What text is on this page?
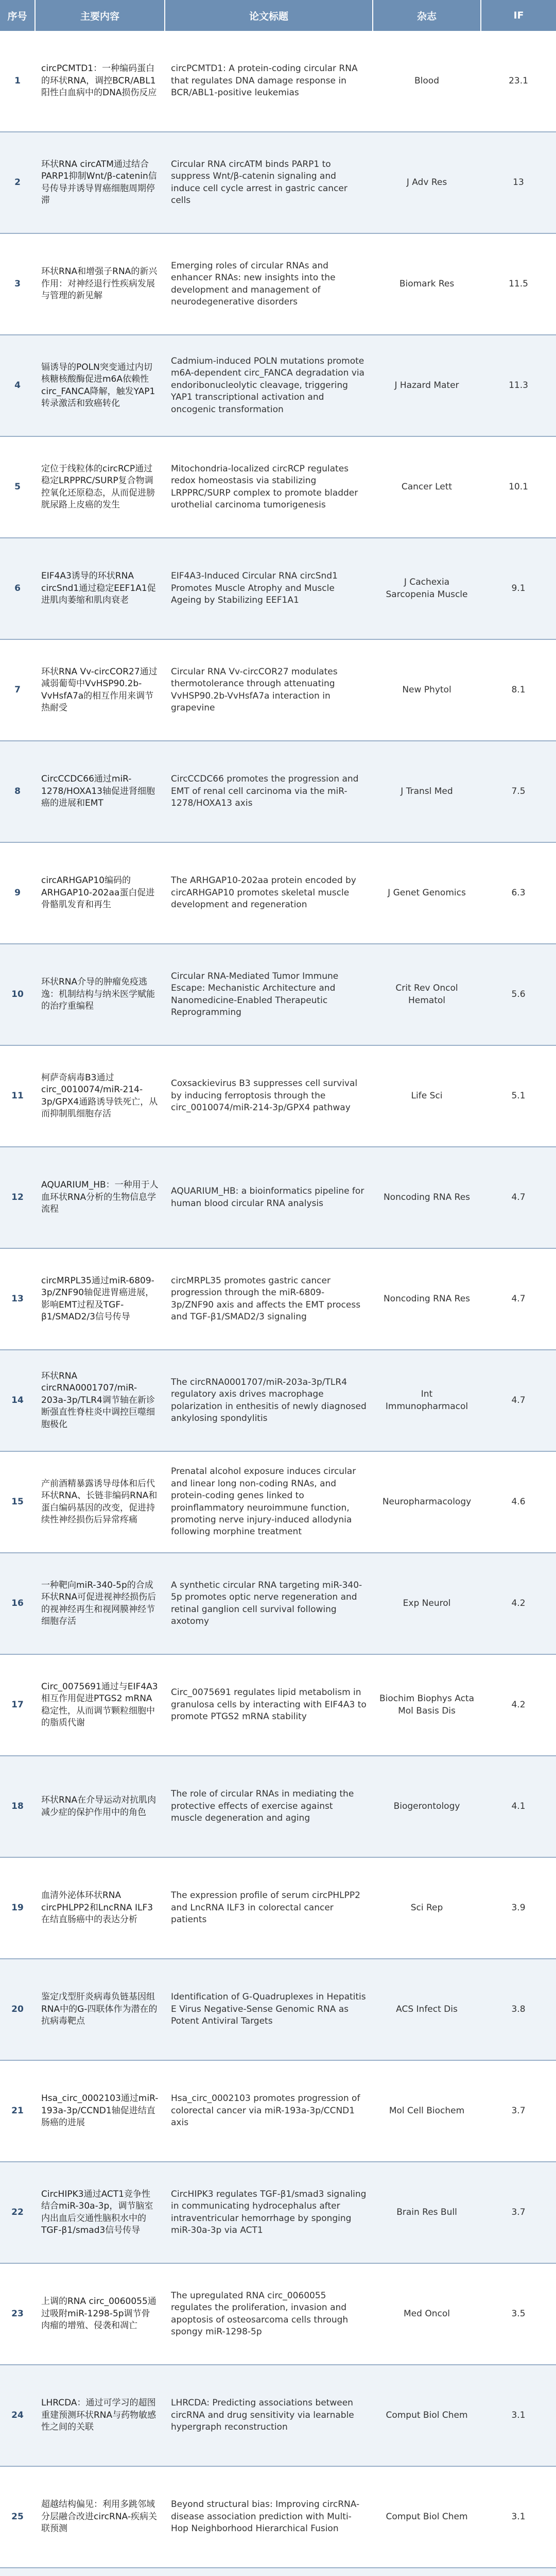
序号	主要内容	论文标题	杂志	IF
1	circPCMTD1：一种编码蛋白的环状RNA，调控BCR/ABL1阳性白血病中的DNA损伤反应	circPCMTD1: A protein-coding circular RNA that regulates DNA damage response in BCR/ABL1-positive leukemias	Blood	23.1
2	环状RNA circATM通过结合PARP1抑制Wnt/β-catenin信号传导并诱导胃癌细胞周期停滞	Circular RNA circATM binds PARP1 to suppress Wnt/β-catenin signaling and induce cell cycle arrest in gastric cancer cells	J Adv Res	13
3	环状RNA和增强子RNA的新兴作用：对神经退行性疾病发展与管理的新见解	Emerging roles of circular RNAs and enhancer RNAs: new insights into the development and management of neurodegenerative disorders	Biomark Res	11.5
4	镉诱导的POLN突变通过内切核糖核酸酶促进m6A依赖性circ_FANCA降解，触发YAP1转录激活和致癌转化	Cadmium-induced POLN mutations promote m6A-dependent circ_FANCA degradation via endoribonucleolytic cleavage, triggering YAP1 transcriptional activation and oncogenic transformation	J Hazard Mater	11.3
5	定位于线粒体的circRCP通过稳定LRPPRC/SURP复合物调控氧化还原稳态，从而促进膀胱尿路上皮癌的发生	Mitochondria-localized circRCP regulates redox homeostasis via stabilizing LRPPRC/SURP complex to promote bladder urothelial carcinoma tumorigenesis	Cancer Lett	10.1
6	EIF4A3诱导的环状RNA circSnd1通过稳定EEF1A1促进肌肉萎缩和肌肉衰老	EIF4A3-Induced Circular RNA circSnd1 Promotes Muscle Atrophy and Muscle Ageing by Stabilizing EEF1A1	J Cachexia Sarcopenia Muscle	9.1
7	环状RNA Vv-circCOR27通过减弱葡萄中VvHSP90.2b-VvHsfA7a的相互作用来调节热耐受	Circular RNA Vv-circCOR27 modulates thermotolerance through attenuating VvHSP90.2b-VvHsfA7a interaction in grapevine	New Phytol	8.1
8	CircCCDC66通过miR-1278/HOXA13轴促进肾细胞癌的进展和EMT	CircCCDC66 promotes the progression and EMT of renal cell carcinoma via the miR-1278/HOXA13 axis	J Transl Med	7.5
9	circARHGAP10编码的ARHGAP10-202aa蛋白促进骨骼肌发育和再生	The ARHGAP10-202aa protein encoded by circARHGAP10 promotes skeletal muscle development and regeneration	J Genet Genomics	6.3
10	环状RNA介导的肿瘤免疫逃逸：机制结构与纳米医学赋能的治疗重编程	Circular RNA-Mediated Tumor Immune Escape: Mechanistic Architecture and Nanomedicine-Enabled Therapeutic Reprogramming	Crit Rev Oncol Hematol	5.6
11	柯萨奇病毒B3通过circ_0010074/miR-214-3p/GPX4通路诱导铁死亡，从而抑制肌细胞存活	Coxsackievirus B3 suppresses cell survival by inducing ferroptosis through the circ_0010074/miR-214-3p/GPX4 pathway	Life Sci	5.1
12	AQUARIUM_HB：一种用于人血环状RNA分析的生物信息学流程	AQUARIUM_HB: a bioinformatics pipeline for human blood circular RNA analysis	Noncoding RNA Res	4.7
13	circMRPL35通过miR-6809-3p/ZNF90轴促进胃癌进展，影响EMT过程及TGF-β1/SMAD2/3信号传导	circMRPL35 promotes gastric cancer progression through the miR-6809-3p/ZNF90 axis and affects the EMT process and TGF-β1/SMAD2/3 signaling	Noncoding RNA Res	4.7
14	环状RNA circRNA0001707/miR-203a-3p/TLR4调节轴在新诊断强直性脊柱炎中调控巨噬细胞极化	The circRNA0001707/miR-203a-3p/TLR4 regulatory axis drives macrophage polarization in enthesitis of newly diagnosed ankylosing spondylitis	Int Immunopharmacol	4.7
15	产前酒精暴露诱导母体和后代环状RNA、长链非编码RNA和蛋白编码基因的改变，促进持续性神经损伤后异常疼痛	Prenatal alcohol exposure induces circular and linear long non-coding RNAs, and protein-coding genes linked to proinflammatory neuroimmune function, promoting nerve injury-induced allodynia following morphine treatment	Neuropharmacology	4.6
16	一种靶向miR-340-5p的合成环状RNA可促进视神经损伤后的视神经再生和视网膜神经节细胞存活	A synthetic circular RNA targeting miR-340-5p promotes optic nerve regeneration and retinal ganglion cell survival following axotomy	Exp Neurol	4.2
17	Circ_0075691通过与EIF4A3相互作用促进PTGS2 mRNA稳定性，从而调节颗粒细胞中的脂质代谢	Circ_0075691 regulates lipid metabolism in granulosa cells by interacting with EIF4A3 to promote PTGS2 mRNA stability	Biochim Biophys Acta Mol Basis Dis	4.2
18	环状RNA在介导运动对抗肌肉减少症的保护作用中的角色	The role of circular RNAs in mediating the protective effects of exercise against muscle degeneration and aging	Biogerontology	4.1
19	血清外泌体环状RNA circPHLPP2和LncRNA ILF3在结直肠癌中的表达分析	The expression profile of serum circPHLPP2 and LncRNA ILF3 in colorectal cancer patients	Sci Rep	3.9
20	鉴定戊型肝炎病毒负链基因组RNA中的G-四联体作为潜在的抗病毒靶点	Identification of G-Quadruplexes in Hepatitis E Virus Negative-Sense Genomic RNA as Potent Antiviral Targets	ACS Infect Dis	3.8
21	Hsa_circ_0002103通过miR-193a-3p/CCND1轴促进结直肠癌的进展	Hsa_circ_0002103 promotes progression of colorectal cancer via miR-193a-3p/CCND1 axis	Mol Cell Biochem	3.7
22	CircHIPK3通过ACT1竞争性结合miR-30a-3p，调节脑室内出血后交通性脑积水中的TGF-β1/smad3信号传导	CircHIPK3 regulates TGF-β1/smad3 signaling in communicating hydrocephalus after intraventricular hemorrhage by sponging miR-30a-3p via ACT1	Brain Res Bull	3.7
23	上调的RNA circ_0060055通过吸附miR-1298-5p调节骨肉瘤的增殖、侵袭和凋亡	The upregulated RNA circ_0060055 regulates the proliferation, invasion and apoptosis of osteosarcoma cells through spongy miR-1298-5p	Med Oncol	3.5
24	LHRCDA：通过可学习的超图重建预测环状RNA与药物敏感性之间的关联	LHRCDA: Predicting associations between circRNA and drug sensitivity via learnable hypergraph reconstruction	Comput Biol Chem	3.1
25	超越结构偏见：利用多跳邻域分层融合改进circRNA-疾病关联预测	Beyond structural bias: Improving circRNA-disease association prediction with Multi-Hop Neighborhood Hierarchical Fusion	Comput Biol Chem	3.1
